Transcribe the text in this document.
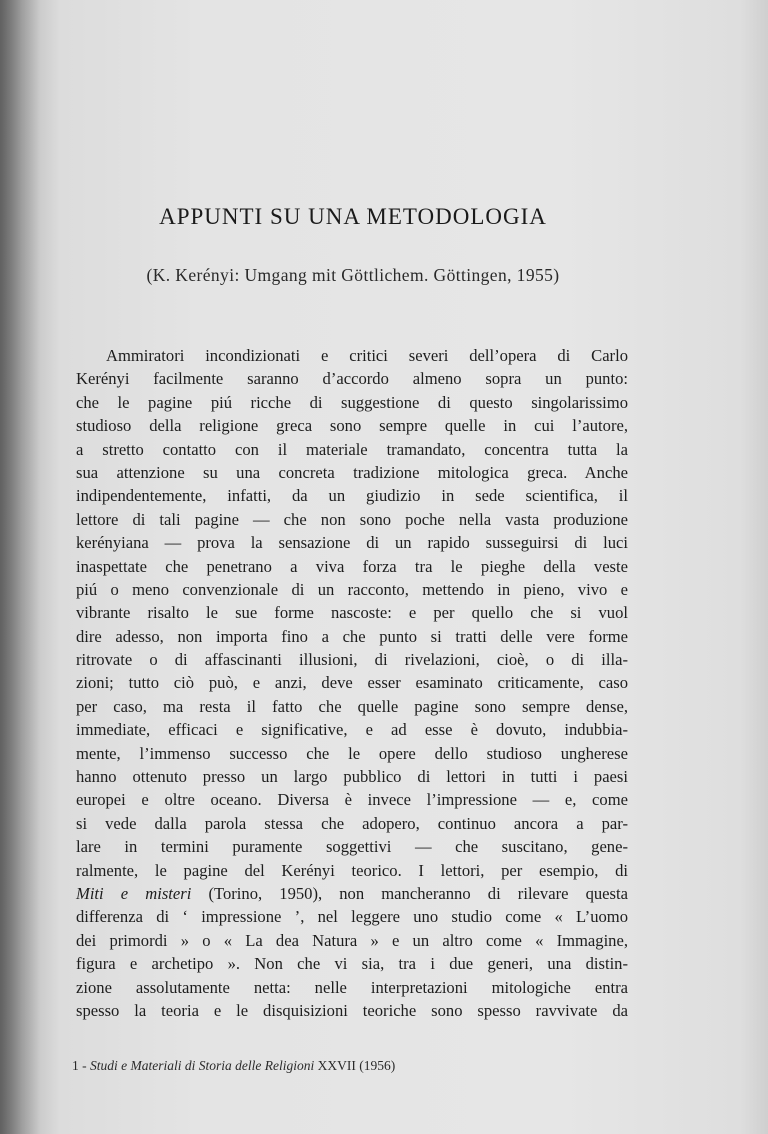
APPUNTI SU UNA METODOLOGIA

(K. Kerényi: Umgang mit Göttlichem. Göttingen, 1955)

Ammiratori incondizionati e critici severi dell’opera di Carlo
Kerényi facilmente saranno d’accordo almeno sopra un punto:
che le pagine piú ricche di suggestione di questo singolarissimo
studioso della religione greca sono sempre quelle in cui l’autore,
a stretto contatto con il materiale tramandato, concentra tutta la
sua attenzione su una concreta tradizione mitologica greca. Anche
indipendentemente, infatti, da un giudizio in sede scientifica, il
lettore di tali pagine — che non sono poche nella vasta produzione
kerényiana — prova la sensazione di un rapido susseguirsi di luci
inaspettate che penetrano a viva forza tra le pieghe della veste
piú o meno convenzionale di un racconto, mettendo in pieno, vivo e
vibrante risalto le sue forme nascoste: e per quello che si vuol
dire adesso, non importa fino a che punto si tratti delle vere forme
ritrovate o di affascinanti illusioni, di rivelazioni, cioè, o di illa-
zioni; tutto ciò può, e anzi, deve esser esaminato criticamente, caso
per caso, ma resta il fatto che quelle pagine sono sempre dense,
immediate, efficaci e significative, e ad esse è dovuto, indubbia-
mente, l’immenso successo che le opere dello studioso ungherese
hanno ottenuto presso un largo pubblico di lettori in tutti i paesi
europei e oltre oceano. Diversa è invece l’impressione — e, come
si vede dalla parola stessa che adopero, continuo ancora a par-
lare in termini puramente soggettivi — che suscitano, gene-
ralmente, le pagine del Kerényi teorico. I lettori, per esempio, di
Miti e misteri (Torino, 1950), non mancheranno di rilevare questa
differenza di ‘ impressione ’, nel leggere uno studio come « L’uomo
dei primordi » o « La dea Natura » e un altro come « Immagine,
figura e archetipo ». Non che vi sia, tra i due generi, una distin-
zione assolutamente netta: nelle interpretazioni mitologiche entra
spesso la teoria e le disquisizioni teoriche sono spesso ravvivate da
1 - Studi e Materiali di Storia delle Religioni XXVII (1956)
